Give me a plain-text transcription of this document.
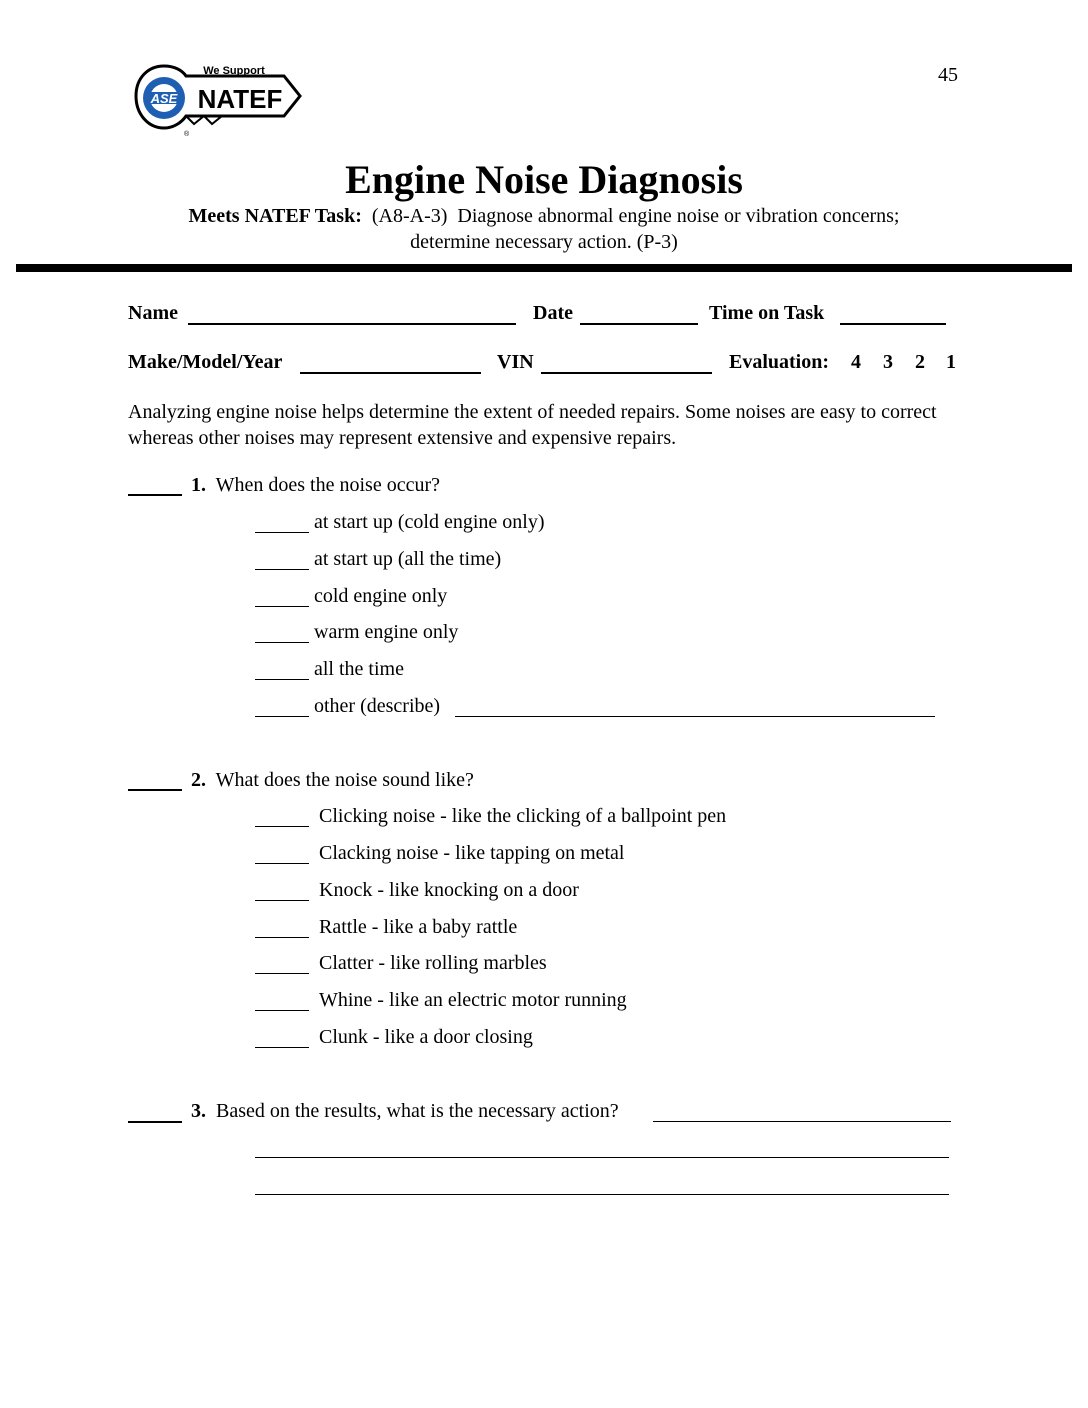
45
ASE
We Support
NATEF
®
Engine Noise Diagnosis
Meets NATEF Task:  (A8-A-3)  Diagnose abnormal engine noise or vibration concerns;
determine necessary action. (P-3)
Name	Date	Time on Task
Make/Model/Year	VIN	Evaluation: 4 3 2 1
Analyzing engine noise helps determine the extent of needed repairs. Some noises are easy to correct whereas other noises may represent extensive and expensive repairs.
1. When does the noise occur?
at start up (cold engine only)
at start up (all the time)
cold engine only
warm engine only
all the time
other (describe)
2. What does the noise sound like?
Clicking noise - like the clicking of a ballpoint pen
Clacking noise - like tapping on metal
Knock - like knocking on a door
Rattle - like a baby rattle
Clatter - like rolling marbles
Whine - like an electric motor running
Clunk - like a door closing
3. Based on the results, what is the necessary action?
